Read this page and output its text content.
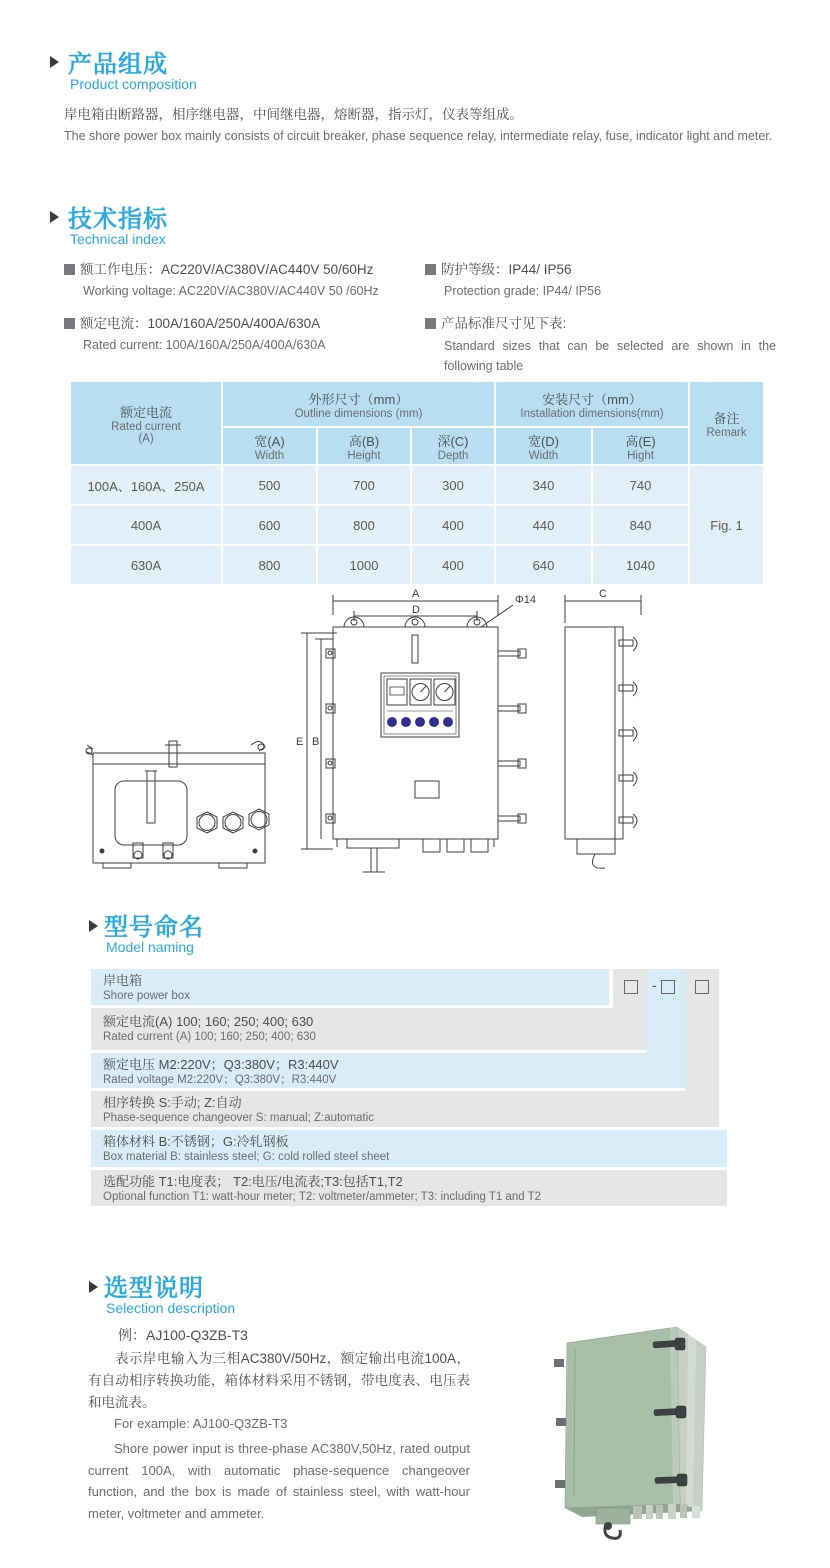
产品组成
Product composition
岸电箱由断路器，相序继电器，中间继电器，熔断器，指示灯，仪表等组成。
The shore power box mainly consists of circuit breaker, phase sequence relay, intermediate relay, fuse, indicator light and meter.
技术指标
Technical index
额工作电压：AC220V/AC380V/AC440V 50/60Hz
Working voltage: AC220V/AC380V/AC440V 50 /60Hz
额定电流：100A/160A/250A/400A/630A
Rated current: 100A/160A/250A/400A/630A
防护等级：IP44/ IP56
Protection grade: IP44/ IP56
产品标准尺寸见下表:
Standard sizes that can be selected are shown in the following table
额定电流
Rated current
(A)	外形尺寸（mm）
Outline dimensions (mm)			安装尺寸（mm）
Installation dimensions(mm)		备注
Remark

	宽(A)
Width	高(B)
Height	深(C)
Depth	宽(D)
Width	高(E)
Hight	

100A、160A、250A	500	700	300	340	740	Fig. 1
400A	600	800	400	440	840	
630A	800	1000	400	640	1040	
A
D
Φ14
E B
C
型号命名
Model naming
-
岸电箱
Shore power box
额定电流(A) 100; 160; 250; 400; 630
Rated current (A) 100; 160; 250; 400; 630
额定电压 M2:220V；Q3:380V；R3:440V
Rated voltage M2:220V；Q3:380V；R3:440V
相序转换 S:手动; Z:自动
Phase-sequence changeover S: manual; Z:automatic
箱体材料 B:不锈钢；G:冷轧钢板
Box material B: stainless steel; G: cold rolled steel sheet
选配功能 T1:电度表； T2:电压/电流表;T3:包括T1,T2
Optional function T1: watt-hour meter; T2: voltmeter/ammeter; T3: including T1 and T2
选型说明
Selection description
例：AJ100-Q3ZB-T3
表示岸电输入为三相AC380V/50Hz，额定输出电流100A，有自动相序转换功能，箱体材料采用不锈钢，带电度表、电压表和电流表。
For example: AJ100-Q3ZB-T3
Shore power input is three-phase AC380V,50Hz, rated output current 100A, with automatic phase-sequence changeover function, and the box is made of stainless steel, with watt-hour meter, voltmeter and ammeter.
